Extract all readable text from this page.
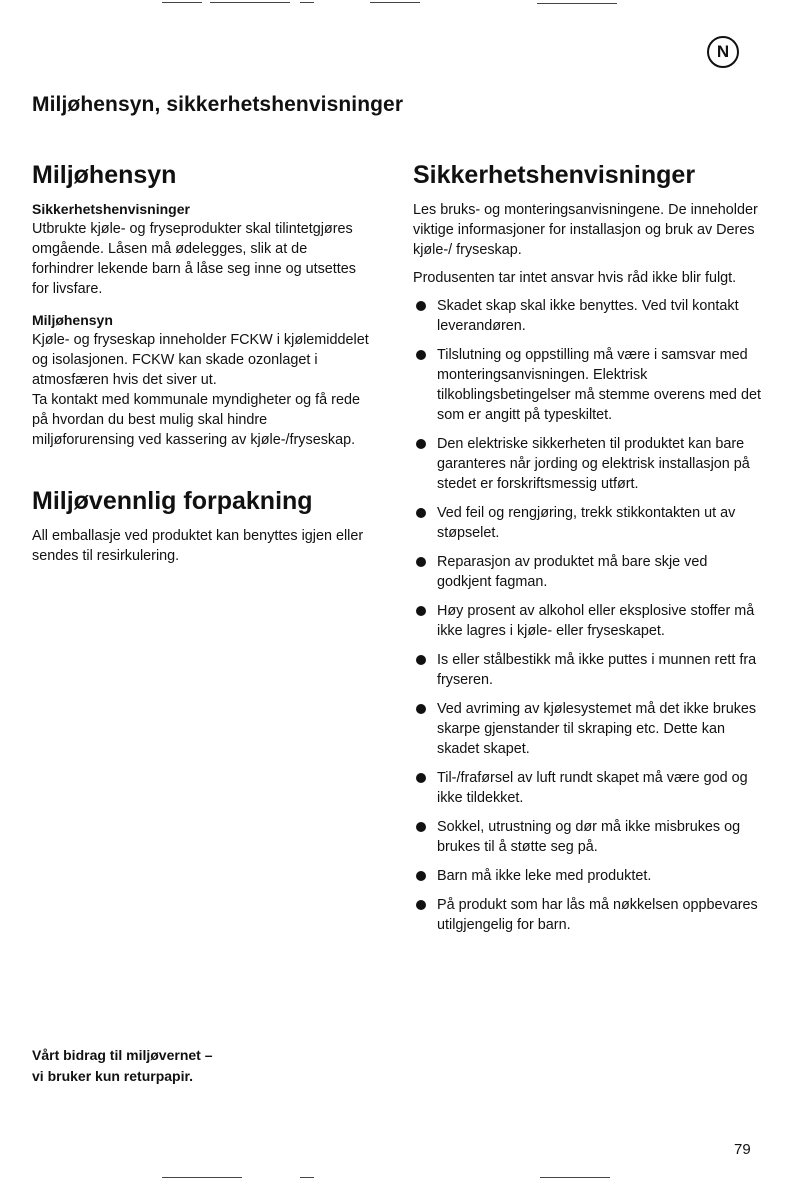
N
Miljøhensyn, sikkerhetshenvisninger
Miljøhensyn

Sikkerhetshenvisninger

Utbrukte kjøle- og fryseprodukter skal tilintetgjøres omgående. Låsen må ødelegges, slik at de forhindrer lekende barn å låse seg inne og utsettes for livsfare.

Miljøhensyn

Kjøle- og fryseskap inneholder FCKW i kjølemiddelet og isolasjonen. FCKW kan skade ozonlaget i atmosfæren hvis det siver ut.

Ta kontakt med kommunale myndigheter og få rede på hvordan du best mulig skal hindre miljøforurensing ved kassering av kjøle-/fryseskap.

Miljøvennlig forpakning

All emballasje ved produktet kan benyttes igjen eller sendes til resirkulering.

Sikkerhetshenvisninger

Les bruks- og monteringsanvisningene. De inneholder viktige informasjoner for installasjon og bruk av Deres kjøle-/ fryseskap.

Produsenten tar intet ansvar hvis råd ikke blir fulgt.

Skadet skap skal ikke benyttes. Ved tvil kontakt leverandøren.
Tilslutning og oppstilling må være i samsvar med monteringsanvisningen. Elektrisk tilkoblingsbetingelser må stemme overens med det som er angitt på typeskiltet.
Den elektriske sikkerheten til produktet kan bare garanteres når jording og elektrisk installasjon på stedet er forskriftsmessig utført.
Ved feil og rengjøring, trekk stikkontakten ut av støpselet.
Reparasjon av produktet må bare skje ved godkjent fagman.
Høy prosent av alkohol eller eksplosive stoffer må ikke lagres i kjøle- eller fryseskapet.
Is eller stålbestikk må ikke puttes i munnen rett fra fryseren.
Ved avriming av kjølesystemet må det ikke brukes skarpe gjenstander til skraping etc. Dette kan skadet skapet.
Til-/fraførsel av luft rundt skapet må være god og ikke tildekket.
Sokkel, utrustning og dør må ikke misbrukes og brukes til å støtte seg på.
Barn må ikke leke med produktet.
På produkt som har lås må nøkkelsen oppbevares utilgjengelig for barn.
Vårt bidrag til miljøvernet –
vi bruker kun returpapir.
79
